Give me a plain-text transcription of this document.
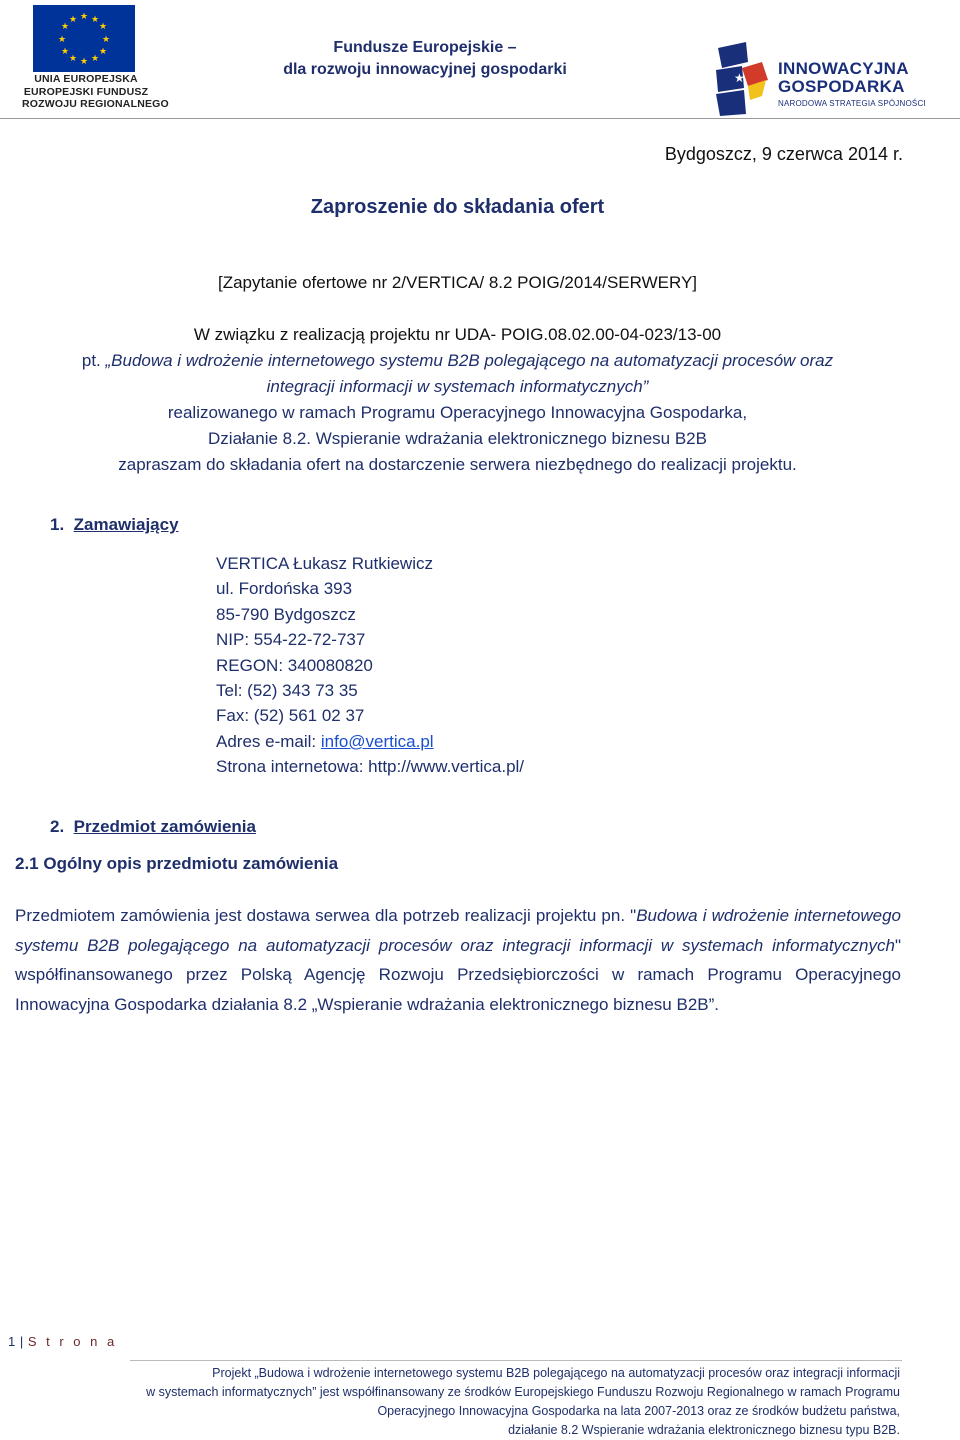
★ ★
★
★
★
★
★
★
★
★
★
★
UNIA EUROPEJSKA
EUROPEJSKI FUNDUSZ
ROZWOJU REGIONALNEGO
Fundusze Europejskie –
dla rozwoju innowacyjnej gospodarki	★ INNOWACYJNA
GOSPODARKA
NARODOWA STRATEGIA SPÓJNOŚCI
Bydgoszcz, 9 czerwca 2014 r.
Zaproszenie do składania ofert
[Zapytanie ofertowe nr 2/VERTICA/ 8.2 POIG/2014/SERWERY]
W związku z realizacją projektu nr UDA- POIG.08.02.00-04-023/13-00
pt. „Budowa i wdrożenie internetowego systemu B2B polegającego na automatyzacji procesów oraz
integracji informacji w systemach informatycznych”
realizowanego w ramach Programu Operacyjnego Innowacyjna Gospodarka,
Działanie 8.2. Wspieranie wdrażania elektronicznego biznesu B2B
zapraszam do składania ofert na dostarczenie serwera niezbędnego do realizacji projektu.
1. Zamawiający
VERTICA Łukasz Rutkiewicz
ul. Fordońska 393
85-790 Bydgoszcz
NIP: 554-22-72-737
REGON: 340080820
Tel: (52) 343 73 35
Fax: (52) 561 02 37
Adres e-mail: info@vertica.pl
Strona internetowa: http://www.vertica.pl/
2. Przedmiot zamówienia
2.1 Ogólny opis przedmiotu zamówienia
Przedmiotem zamówienia jest dostawa serwea dla potrzeb realizacji projektu pn. "Budowa i wdrożenie internetowego systemu B2B polegającego na automatyzacji procesów oraz integracji informacji w systemach informatycznych" współfinansowanego przez Polską Agencję Rozwoju Przedsiębiorczości w ramach Programu Operacyjnego Innowacyjna Gospodarka działania 8.2 „Wspieranie wdrażania elektronicznego biznesu B2B”.
1 | S t r o n a
Projekt „Budowa i wdrożenie internetowego systemu B2B polegającego na automatyzacji procesów oraz integracji informacji
w systemach informatycznych” jest współfinansowany ze środków Europejskiego Funduszu Rozwoju Regionalnego w ramach Programu
Operacyjnego Innowacyjna Gospodarka na lata 2007-2013 oraz ze środków budżetu państwa,
działanie 8.2 Wspieranie wdrażania elektronicznego biznesu typu B2B.
